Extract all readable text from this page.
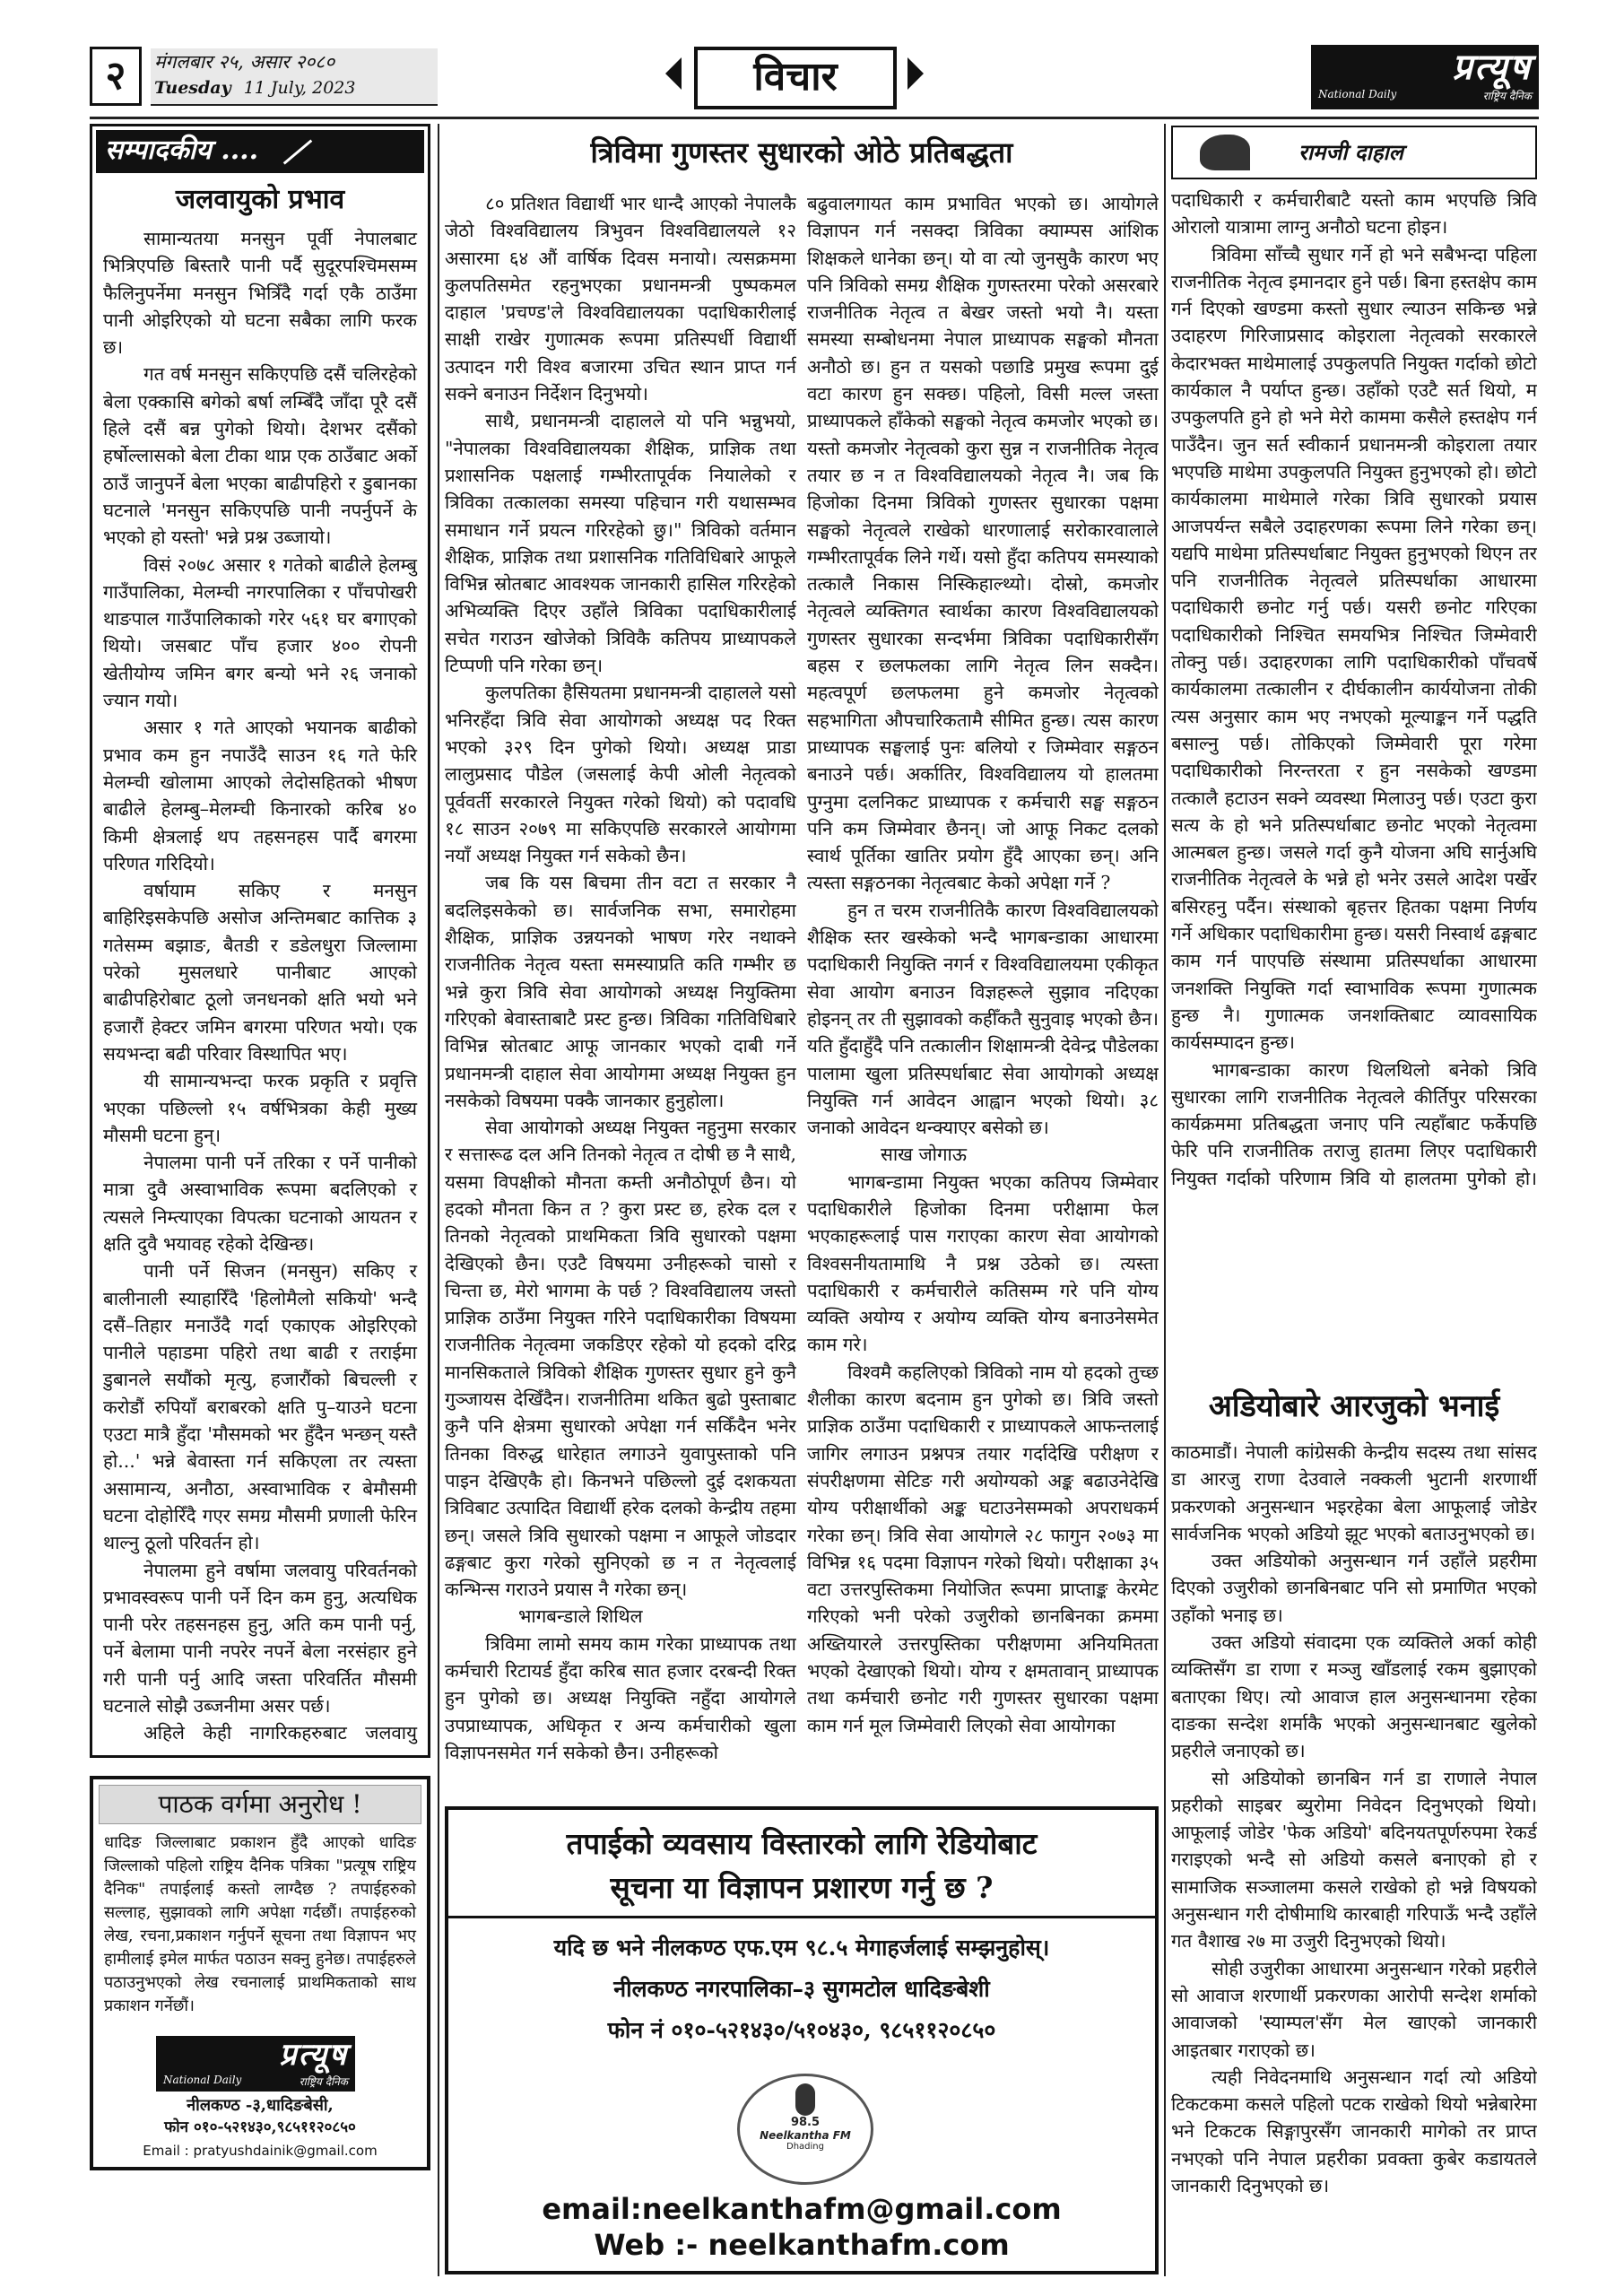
२	मंगलबार २५, असार २०८०
Tuesday 11 July, 2023	विचार	प्रत्यूष
National Daily	राष्ट्रिय दैनिक
सम्पादकीय ....
जलवायुको प्रभाव

सामान्यतया मनसुन पूर्वी नेपालबाट भित्रिएपछि बिस्तारै पानी पर्दै सुदूरपश्चिमसम्म फैलिनुपर्नेमा मनसुन भित्रिँदै गर्दा एकै ठाउँमा पानी ओइरिएको यो घटना सबैका लागि फरक छ।

गत वर्ष मनसुन सकिएपछि दसैं चलिरहेको बेला एक्कासि बगेको बर्षा लम्बिँदै जाँदा पूरै दसैं हिले दसैं बन्न पुगेको थियो। देशभर दसैंको हर्षोल्लासको बेला टीका थाप्न एक ठाउँबाट अर्को ठाउँ जानुपर्ने बेला भएका बाढीपहिरो र डुबानका घटनाले 'मनसुन सकिएपछि पानी नपर्नुपर्ने के भएको हो यस्तो' भन्ने प्रश्न उब्जायो।

विसं २०७८ असार १ गतेको बाढीले हेलम्बु गाउँपालिका, मेलम्ची नगरपालिका र पाँचपोखरी थाङपाल गाउँपालिकाको गरेर ५६१ घर बगाएको थियो। जसबाट पाँच हजार ४०० रोपनी खेतीयोग्य जमिन बगर बन्यो भने २६ जनाको ज्यान गयो।

असार १ गते आएको भयानक बाढीको प्रभाव कम हुन नपाउँदै साउन १६ गते फेरि मेलम्ची खोलामा आएको लेदोसहितको भीषण बाढीले हेलम्बु–मेलम्ची किनारको करिब ४० किमी क्षेत्रलाई थप तहसनहस पार्दै बगरमा परिणत गरिदियो।

वर्षायाम सकिए र मनसुन बाहिरिइसकेपछि असोज अन्तिमबाट कात्तिक ३ गतेसम्म बझाङ, बैतडी र डडेलधुरा जिल्लामा परेको मुसलधारे पानीबाट आएको बाढीपहिरोबाट ठूलो जनधनको क्षति भयो भने हजारौं हेक्टर जमिन बगरमा परिणत भयो। एक सयभन्दा बढी परिवार विस्थापित भए।

यी सामान्यभन्दा फरक प्रकृति र प्रवृत्ति भएका पछिल्लो १५ वर्षभित्रका केही मुख्य मौसमी घटना हुन्।

नेपालमा पानी पर्ने तरिका र पर्ने पानीको मात्रा दुवै अस्वाभाविक रूपमा बदलिएको र त्यसले निम्त्याएका विपत्का घटनाको आयतन र क्षति दुवै भयावह रहेको देखिन्छ।

पानी पर्ने सिजन (मनसुन) सकिए र बालीनाली स्याहारिँदै 'हिलोमैलो सकियो' भन्दै दसैं–तिहार मनाउँदै गर्दा एकाएक ओइरिएको पानीले पहाडमा पहिरो तथा बाढी र तराईमा डुबानले सयौंको मृत्यु, हजारौंको बिचल्ली र करोडौं रुपियाँ बराबरको क्षति पु–याउने घटना एउटा मात्रै हुँदा 'मौसमको भर हुँदैन भन्छन् यस्तै हो...' भन्ने बेवास्ता गर्न सकिएला तर त्यस्ता असामान्य, अनौठा, अस्वाभाविक र बेमौसमी घटना दोहोरिँदै गएर समग्र मौसमी प्रणाली फेरिन थाल्नु ठूलो परिवर्तन हो।

नेपालमा हुने वर्षामा जलवायु परिवर्तनको प्रभावस्वरूप पानी पर्ने दिन कम हुनु, अत्यधिक पानी परेर तहसनहस हुनु, अति कम पानी पर्नु, पर्ने बेलामा पानी नपरेर नपर्ने बेला नरसंहार हुने गरी पानी पर्नु आदि जस्ता परिवर्तित मौसमी घटनाले सोझै उब्जनीमा असर पर्छ।

अहिले केही नागरिकहरुबाट जलवायु

पाठक वर्गमा अनुरोध !
धादिङ जिल्लाबाट प्रकाशन हुँदै आएको धादिङ जिल्लाको पहिलो राष्ट्रिय दैनिक पत्रिका "प्रत्यूष राष्ट्रिय दैनिक" तपाईलाई कस्तो लाग्दैछ ? तपाईहरुको सल्लाह, सुझावको लागि अपेक्षा गर्दछौं। तपाईहरुको लेख, रचना,प्रकाशन गर्नुपर्ने सूचना तथा विज्ञापन भए हामीलाई इमेल मार्फत पठाउन सक्नु हुनेछ। तपाईहरुले पठाउनुभएको लेख रचनालाई प्राथमिकताको साथ प्रकाशन गर्नेछौं।
प्रत्यूष
National Daily	राष्ट्रिय दैनिक
नीलकण्ठ -३,धादिङबेसी,
फोन ०१०-५२१४३०,९८५११२०८५०
Email : pratyushdainik@gmail.com
त्रिविमा गुणस्तर सुधारको ओठे प्रतिबद्धता	रामजी दाहाल

८० प्रतिशत विद्यार्थी भार धान्दै आएको नेपालकै जेठो विश्वविद्यालय त्रिभुवन विश्वविद्यालयले १२ असारमा ६४ औं वार्षिक दिवस मनायो। त्यसक्रममा कुलपतिसमेत रहनुभएका प्रधानमन्त्री पुष्पकमल दाहाल 'प्रचण्ड'ले विश्वविद्यालयका पदाधिकारीलाई साक्षी राखेर गुणात्मक रूपमा प्रतिस्पर्धी विद्यार्थी उत्पादन गरी विश्व बजारमा उचित स्थान प्राप्त गर्न सक्ने बनाउन निर्देशन दिनुभयो।

साथै, प्रधानमन्त्री दाहालले यो पनि भन्नुभयो, "नेपालका विश्वविद्यालयका शैक्षिक, प्राज्ञिक तथा प्रशासनिक पक्षलाई गम्भीरतापूर्वक नियालेको र त्रिविका तत्कालका समस्या पहिचान गरी यथासम्भव समाधान गर्ने प्रयत्न गरिरहेको छु।" त्रिविको वर्तमान शैक्षिक, प्राज्ञिक तथा प्रशासनिक गतिविधिबारे आफूले विभिन्न स्रोतबाट आवश्यक जानकारी हासिल गरिरहेको अभिव्यक्ति दिएर उहाँले त्रिविका पदाधिकारीलाई सचेत गराउन खोजेको त्रिविकै कतिपय प्राध्यापकले टिप्पणी पनि गरेका छन्।

कुलपतिका हैसियतमा प्रधानमन्त्री दाहालले यसो भनिरहँदा त्रिवि सेवा आयोगको अध्यक्ष पद रिक्त भएको ३२९ दिन पुगेको थियो। अध्यक्ष प्राडा लालुप्रसाद पौडेल (जसलाई केपी ओली नेतृत्वको पूर्ववर्ती सरकारले नियुक्त गरेको थियो) को पदावधि १८ साउन २०७९ मा सकिएपछि सरकारले आयोगमा नयाँ अध्यक्ष नियुक्त गर्न सकेको छैन।

जब कि यस बिचमा तीन वटा त सरकार नै बदलिइसकेको छ। सार्वजनिक सभा, समारोहमा शैक्षिक, प्राज्ञिक उन्नयनको भाषण गरेर नथाक्ने राजनीतिक नेतृत्व यस्ता समस्याप्रति कति गम्भीर छ भन्ने कुरा त्रिवि सेवा आयोगको अध्यक्ष नियुक्तिमा गरिएको बेवास्ताबाटै प्रस्ट हुन्छ। त्रिविका गतिविधिबारे विभिन्न स्रोतबाट आफू जानकार भएको दाबी गर्ने प्रधानमन्त्री दाहाल सेवा आयोगमा अध्यक्ष नियुक्त हुन नसकेको विषयमा पक्कै जानकार हुनुहोला।

सेवा आयोगको अध्यक्ष नियुक्त नहुनुमा सरकार र सत्तारूढ दल अनि तिनको नेतृत्व त दोषी छ नै साथै, यसमा विपक्षीको मौनता कम्ती अनौठोपूर्ण छैन। यो हदको मौनता किन त ? कुरा प्रस्ट छ, हरेक दल र तिनको नेतृत्वको प्राथमिकता त्रिवि सुधारको पक्षमा देखिएको छैन। एउटै विषयमा उनीहरूको चासो र चिन्ता छ, मेरो भागमा के पर्छ ? विश्वविद्यालय जस्तो प्राज्ञिक ठाउँमा नियुक्त गरिने पदाधिकारीका विषयमा राजनीतिक नेतृत्वमा जकडिएर रहेको यो हदको दरिद्र मानसिकताले त्रिविको शैक्षिक गुणस्तर सुधार हुने कुनै गुञ्जायस देखिँदैन। राजनीतिमा थकित बुढो पुस्ताबाट कुनै पनि क्षेत्रमा सुधारको अपेक्षा गर्न सकिँदैन भनेर तिनका विरुद्ध धारेहात लगाउने युवापुस्ताको पनि पाइन देखिएकै हो। किनभने पछिल्लो दुई दशकयता त्रिविबाट उत्पादित विद्यार्थी हरेक दलको केन्द्रीय तहमा छन्। जसले त्रिवि सुधारको पक्षमा न आफूले जोडदार ढङ्गबाट कुरा गरेको सुनिएको छ न त नेतृत्वलाई कन्भिन्स गराउने प्रयास नै गरेका छन्।

भागबन्डाले शिथिल

त्रिविमा लामो समय काम गरेका प्राध्यापक तथा कर्मचारी रिटायर्ड हुँदा करिब सात हजार दरबन्दी रिक्त हुन पुगेको छ। अध्यक्ष नियुक्ति नहुँदा आयोगले उपप्राध्यापक, अधिकृत र अन्य कर्मचारीको खुला विज्ञापनसमेत गर्न सकेको छैन। उनीहरूको

बढुवालगायत काम प्रभावित भएको छ। आयोगले विज्ञापन गर्न नसक्दा त्रिविका क्याम्पस आंशिक शिक्षकले धानेका छन्। यो वा त्यो जुनसुकै कारण भए पनि त्रिविको समग्र शैक्षिक गुणस्तरमा परेको असरबारे राजनीतिक नेतृत्व त बेखर जस्तो भयो नै। यस्ता समस्या सम्बोधनमा नेपाल प्राध्यापक सङ्घको मौनता अनौठो छ। हुन त यसको पछाडि प्रमुख रूपमा दुई वटा कारण हुन सक्छ। पहिलो, विसी मल्ल जस्ता प्राध्यापकले हाँकेको सङ्घको नेतृत्व कमजोर भएको छ। यस्तो कमजोर नेतृत्वको कुरा सुन्न न राजनीतिक नेतृत्व तयार छ न त विश्वविद्यालयको नेतृत्व नै। जब कि हिजोका दिनमा त्रिविको गुणस्तर सुधारका पक्षमा सङ्घको नेतृत्वले राखेको धारणालाई सरोकारवालाले गम्भीरतापूर्वक लिने गर्थे। यसो हुँदा कतिपय समस्याको तत्कालै निकास निस्किहाल्थ्यो। दोस्रो, कमजोर नेतृत्वले व्यक्तिगत स्वार्थका कारण विश्वविद्यालयको गुणस्तर सुधारका सन्दर्भमा त्रिविका पदाधिकारीसँग बहस र छलफलका लागि नेतृत्व लिन सक्दैन। महत्वपूर्ण छलफलमा हुने कमजोर नेतृत्वको सहभागिता औपचारिकतामै सीमित हुन्छ। त्यस कारण प्राध्यापक सङ्घलाई पुनः बलियो र जिम्मेवार सङ्गठन बनाउने पर्छ। अर्कातिर, विश्वविद्यालय यो हालतमा पुग्नुमा दलनिकट प्राध्यापक र कर्मचारी सङ्घ सङ्गठन पनि कम जिम्मेवार छैनन्। जो आफू निकट दलको स्वार्थ पूर्तिका खातिर प्रयोग हुँदै आएका छन्। अनि त्यस्ता सङ्गठनका नेतृत्वबाट केको अपेक्षा गर्ने ?

हुन त चरम राजनीतिकै कारण विश्वविद्यालयको शैक्षिक स्तर खस्केको भन्दै भागबन्डाका आधारमा पदाधिकारी नियुक्ति नगर्न र विश्वविद्यालयमा एकीकृत सेवा आयोग बनाउन विज्ञहरूले सुझाव नदिएका होइनन् तर ती सुझावको कहीँकतै सुनुवाइ भएको छैन। यति हुँदाहुँदै पनि तत्कालीन शिक्षामन्त्री देवेन्द्र पौडेलका पालामा खुला प्रतिस्पर्धाबाट सेवा आयोगको अध्यक्ष नियुक्ति गर्न आवेदन आह्वान भएको थियो। ३८ जनाको आवेदन थन्क्याएर बसेको छ।

साख जोगाऊ

भागबन्डामा नियुक्त भएका कतिपय जिम्मेवार पदाधिकारीले हिजोका दिनमा परीक्षामा फेल भएकाहरूलाई पास गराएका कारण सेवा आयोगको विश्वसनीयतामाथि नै प्रश्न उठेको छ। त्यस्ता पदाधिकारी र कर्मचारीले कतिसम्म गरे पनि योग्य व्यक्ति अयोग्य र अयोग्य व्यक्ति योग्य बनाउनेसमेत काम गरे।

विश्वमै कहलिएको त्रिविको नाम यो हदको तुच्छ शैलीका कारण बदनाम हुन पुगेको छ। त्रिवि जस्तो प्राज्ञिक ठाउँमा पदाधिकारी र प्राध्यापकले आफन्तलाई जागिर लगाउन प्रश्नपत्र तयार गर्दादेखि परीक्षण र संपरीक्षणमा सेटिङ गरी अयोग्यको अङ्क बढाउनेदेखि योग्य परीक्षार्थीको अङ्क घटाउनेसम्मको अपराधकर्म गरेका छन्। त्रिवि सेवा आयोगले २८ फागुन २०७३ मा विभिन्न १६ पदमा विज्ञापन गरेको थियो। परीक्षाका ३५ वटा उत्तरपुस्तिकमा नियोजित रूपमा प्राप्ताङ्क केरमेट गरिएको भनी परेको उजुरीको छानबिनका क्रममा अख्तियारले उत्तरपुस्तिका परीक्षणमा अनियमितता भएको देखाएको थियो। योग्य र क्षमतावान् प्राध्यापक तथा कर्मचारी छनोट गरी गुणस्तर सुधारका पक्षमा काम गर्न मूल जिम्मेवारी लिएको सेवा आयोगका

पदाधिकारी र कर्मचारीबाटै यस्तो काम भएपछि त्रिवि ओरालो यात्रामा लाग्नु अनौठो घटना होइन।

त्रिविमा साँच्चै सुधार गर्ने हो भने सबैभन्दा पहिला राजनीतिक नेतृत्व इमानदार हुने पर्छ। बिना हस्तक्षेप काम गर्न दिएको खण्डमा कस्तो सुधार ल्याउन सकिन्छ भन्ने उदाहरण गिरिजाप्रसाद कोइराला नेतृत्वको सरकारले केदारभक्त माथेमालाई उपकुलपति नियुक्त गर्दाको छोटो कार्यकाल नै पर्याप्त हुन्छ। उहाँको एउटै सर्त थियो, म उपकुलपति हुने हो भने मेरो काममा कसैले हस्तक्षेप गर्न पाउँदैन। जुन सर्त स्वीकार्न प्रधानमन्त्री कोइराला तयार भएपछि माथेमा उपकुलपति नियुक्त हुनुभएको हो। छोटो कार्यकालमा माथेमाले गरेका त्रिवि सुधारको प्रयास आजपर्यन्त सबैले उदाहरणका रूपमा लिने गरेका छन्। यद्यपि माथेमा प्रतिस्पर्धाबाट नियुक्त हुनुभएको थिएन तर पनि राजनीतिक नेतृत्वले प्रतिस्पर्धाका आधारमा पदाधिकारी छनोट गर्नु पर्छ। यसरी छनोट गरिएका पदाधिकारीको निश्चित समयभित्र निश्चित जिम्मेवारी तोक्नु पर्छ। उदाहरणका लागि पदाधिकारीको पाँचवर्षे कार्यकालमा तत्कालीन र दीर्घकालीन कार्ययोजना तोकी त्यस अनुसार काम भए नभएको मूल्याङ्कन गर्ने पद्धति बसाल्नु पर्छ। तोकिएको जिम्मेवारी पूरा गरेमा पदाधिकारीको निरन्तरता र हुन नसकेको खण्डमा तत्कालै हटाउन सक्ने व्यवस्था मिलाउनु पर्छ। एउटा कुरा सत्य के हो भने प्रतिस्पर्धाबाट छनोट भएको नेतृत्वमा आत्मबल हुन्छ। जसले गर्दा कुनै योजना अघि सार्नुअघि राजनीतिक नेतृत्वले के भन्ने हो भनेर उसले आदेश पर्खेर बसिरहनु पर्दैन। संस्थाको बृहत्तर हितका पक्षमा निर्णय गर्ने अधिकार पदाधिकारीमा हुन्छ। यसरी निस्वार्थ ढङ्गबाट काम गर्न पाएपछि संस्थामा प्रतिस्पर्धाका आधारमा जनशक्ति नियुक्ति गर्दा स्वाभाविक रूपमा गुणात्मक हुन्छ नै। गुणात्मक जनशक्तिबाट व्यावसायिक कार्यसम्पादन हुन्छ।

भागबन्डाका कारण थिलथिलो बनेको त्रिवि सुधारका लागि राजनीतिक नेतृत्वले कीर्तिपुर परिसरका कार्यक्रममा प्रतिबद्धता जनाए पनि त्यहाँबाट फर्केपछि फेरि पनि राजनीतिक तराजु हातमा लिएर पदाधिकारी नियुक्त गर्दाको परिणाम त्रिवि यो हालतमा पुगेको हो।

अडियोबारे आरजुको भनाई

काठमाडौं। नेपाली कांग्रेसकी केन्द्रीय सदस्य तथा सांसद डा आरजु राणा देउवाले नक्कली भुटानी शरणार्थी प्रकरणको अनुसन्धान भइरहेका बेला आफूलाई जोडेर सार्वजनिक भएको अडियो झूट भएको बताउनुभएको छ।

उक्त अडियोको अनुसन्धान गर्न उहाँले प्रहरीमा दिएको उजुरीको छानबिनबाट पनि सो प्रमाणित भएको उहाँको भनाइ छ।

उक्त अडियो संवादमा एक व्यक्तिले अर्का कोही व्यक्तिसँग डा राणा र मञ्जु खाँडलाई रकम बुझाएको बताएका थिए। त्यो आवाज हाल अनुसन्धानमा रहेका दाङका सन्देश शर्माकै भएको अनुसन्धानबाट खुलेको प्रहरीले जनाएको छ।

सो अडियोको छानबिन गर्न डा राणाले नेपाल प्रहरीको साइबर ब्युरोमा निवेदन दिनुभएको थियो। आफूलाई जोडेर 'फेक अडियो' बदिनयतपूर्णरुपमा रेकर्ड गराइएको भन्दै सो अडियो कसले बनाएको हो र सामाजिक सञ्जालमा कसले राखेको हो भन्ने विषयको अनुसन्धान गरी दोषीमाथि कारबाही गरिपाऊँ भन्दै उहाँले गत वैशाख २७ मा उजुरी दिनुभएको थियो।

सोही उजुरीका आधारमा अनुसन्धान गरेको प्रहरीले सो आवाज शरणार्थी प्रकरणका आरोपी सन्देश शर्माको आवाजको 'स्याम्पल'सँग मेल खाएको जानकारी आइतबार गराएको छ।

त्यही निवेदनमाथि अनुसन्धान गर्दा त्यो अडियो टिकटकमा कसले पहिलो पटक राखेको थियो भन्नेबारेमा भने टिकटक सिङ्गापुरसँग जानकारी मागेको तर प्राप्त नभएको पनि नेपाल प्रहरीका प्रवक्ता कुबेर कडायतले जानकारी दिनुभएको छ।

तपाईको व्यवसाय विस्तारको लागि रेडियोबाट
सूचना या विज्ञापन प्रशारण गर्नु छ ?
यदि छ भने नीलकण्ठ एफ.एम ९८.५ मेगाहर्जलाई सम्झनुहोस्।
नीलकण्ठ नगरपालिका–३ सुगमटोल धादिङबेशी
फोन नं ०१०-५२१४३०/५१०४३०, ९८५११२०८५०
98.5
Neelkantha FM
Dhading
email:neelkanthafm@gmail.com
Web :- neelkanthafm.com
